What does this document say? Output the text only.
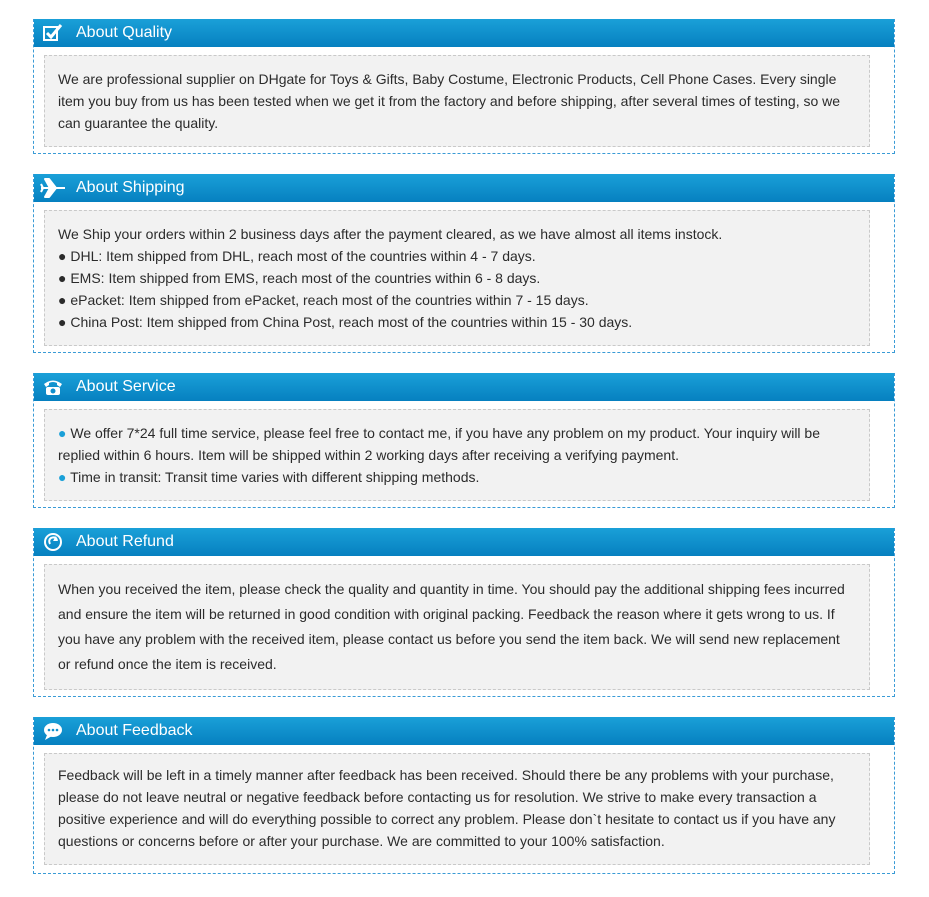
About Quality

We are professional supplier on DHgate for Toys & Gifts, Baby Costume, Electronic Products, Cell Phone Cases. Every single item you buy from us has been tested when we get it from the factory and before shipping, after several times of testing, so we can guarantee the quality.

About Shipping

We Ship your orders within 2 business days after the payment cleared, as we have almost all items instock.

● DHL: Item shipped from DHL, reach most of the countries within 4 - 7 days.

● EMS: Item shipped from EMS, reach most of the countries within 6 - 8 days.

● ePacket: Item shipped from ePacket, reach most of the countries within 7 - 15 days.

● China Post: Item shipped from China Post, reach most of the countries within 15 - 30 days.

About Service

● We offer 7*24 full time service, please feel free to contact me, if you have any problem on my product. Your inquiry will be replied within 6 hours. Item will be shipped within 2 working days after receiving a verifying payment.

● Time in transit: Transit time varies with different shipping methods.

About Refund

When you received the item, please check the quality and quantity in time. You should pay the additional shipping fees incurred and ensure the item will be returned in good condition with original packing. Feedback the reason where it gets wrong to us. If you have any problem with the received item, please contact us before you send the item back. We will send new replacement or refund once the item is received.

About Feedback

Feedback will be left in a timely manner after feedback has been received. Should there be any problems with your purchase, please do not leave neutral or negative feedback before contacting us for resolution. We strive to make every transaction a positive experience and will do everything possible to correct any problem. Please don`t hesitate to contact us if you have any questions or concerns before or after your purchase. We are committed to your 100% satisfaction.
